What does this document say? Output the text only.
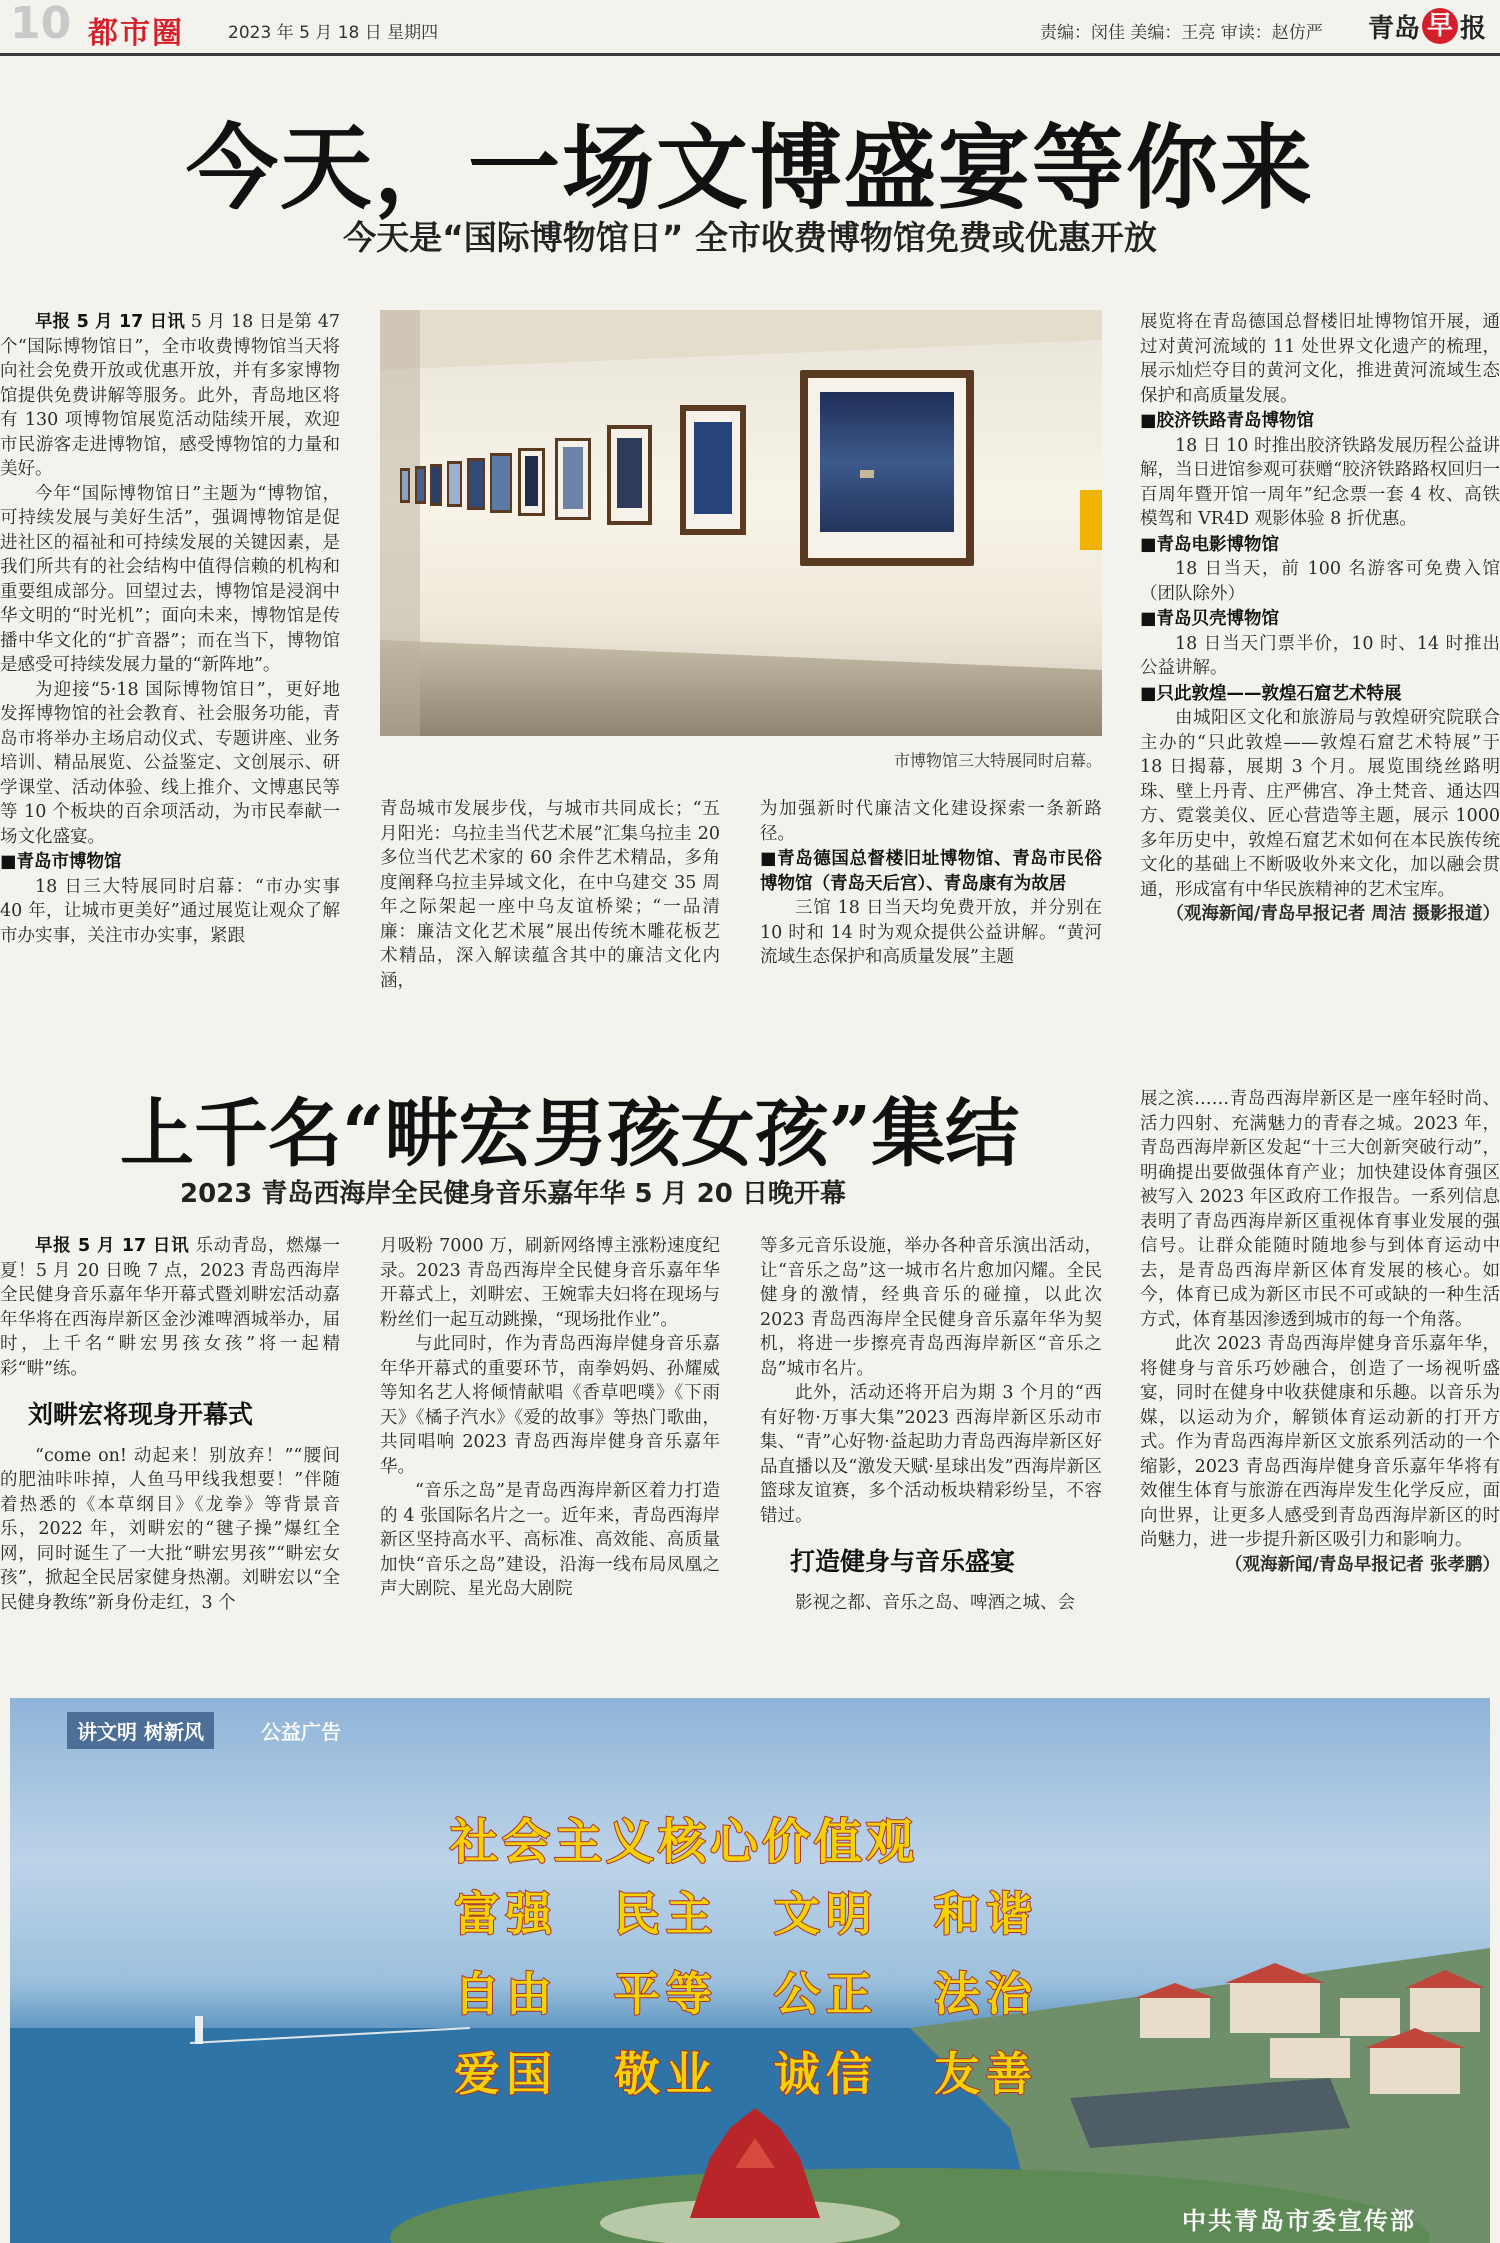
10 都市圈	2023 年 5 月 18 日 星期四	责编：闵佳 美编：王亮 审读：赵仿严 青岛 早 报
今天，一场文博盛宴等你来
今天是“国际博物馆日” 全市收费博物馆免费或优惠开放

早报 5 月 17 日讯 5 月 18 日是第 47 个“国际博物馆日”，全市收费博物馆当天将向社会免费开放或优惠开放，并有多家博物馆提供免费讲解等服务。此外，青岛地区将有 130 项博物馆展览活动陆续开展，欢迎市民游客走进博物馆，感受博物馆的力量和美好。

今年“国际博物馆日”主题为“博物馆，可持续发展与美好生活”，强调博物馆是促进社区的福祉和可持续发展的关键因素，是我们所共有的社会结构中值得信赖的机构和重要组成部分。回望过去，博物馆是浸润中华文明的“时光机”；面向未来，博物馆是传播中华文化的“扩音器”；而在当下，博物馆是感受可持续发展力量的“新阵地”。

为迎接“5·18 国际博物馆日”，更好地发挥博物馆的社会教育、社会服务功能，青岛市将举办主场启动仪式、专题讲座、业务培训、精品展览、公益鉴定、文创展示、研学课堂、活动体验、线上推介、文博惠民等等 10 个板块的百余项活动，为市民奉献一场文化盛宴。

■青岛市博物馆

18 日三大特展同时启幕：“市办实事 40 年，让城市更美好”通过展览让观众了解市办实事，关注市办实事，紧跟

市博物馆三大特展同时启幕。

青岛城市发展步伐，与城市共同成长；“五月阳光：乌拉圭当代艺术展”汇集乌拉圭 20 多位当代艺术家的 60 余件艺术精品，多角度阐释乌拉圭异域文化，在中乌建交 35 周年之际架起一座中乌友谊桥梁；“一品清廉：廉洁文化艺术展”展出传统木雕花板艺术精品，深入解读蕴含其中的廉洁文化内涵，

为加强新时代廉洁文化建设探索一条新路径。

■青岛德国总督楼旧址博物馆、青岛市民俗博物馆（青岛天后宫）、青岛康有为故居

三馆 18 日当天均免费开放，并分别在 10 时和 14 时为观众提供公益讲解。“黄河流域生态保护和高质量发展”主题

展览将在青岛德国总督楼旧址博物馆开展，通过对黄河流域的 11 处世界文化遗产的梳理，展示灿烂夺目的黄河文化，推进黄河流域生态保护和高质量发展。

■胶济铁路青岛博物馆

18 日 10 时推出胶济铁路发展历程公益讲解，当日进馆参观可获赠“胶济铁路路权回归一百周年暨开馆一周年”纪念票一套 4 枚、高铁模驾和 VR4D 观影体验 8 折优惠。

■青岛电影博物馆

18 日当天，前 100 名游客可免费入馆（团队除外）

■青岛贝壳博物馆

18 日当天门票半价，10 时、14 时推出公益讲解。

■只此敦煌——敦煌石窟艺术特展

由城阳区文化和旅游局与敦煌研究院联合主办的“只此敦煌——敦煌石窟艺术特展”于 18 日揭幕，展期 3 个月。展览围绕丝路明珠、壁上丹青、庄严佛宫、净土梵音、通达四方、霓裳美仪、匠心营造等主题，展示 1000 多年历史中，敦煌石窟艺术如何在本民族传统文化的基础上不断吸收外来文化，加以融会贯通，形成富有中华民族精神的艺术宝库。

（观海新闻/青岛早报记者 周洁 摄影报道）

上千名“畊宏男孩女孩”集结
2023 青岛西海岸全民健身音乐嘉年华 5 月 20 日晚开幕

早报 5 月 17 日讯 乐动青岛，燃爆一夏！5 月 20 日晚 7 点，2023 青岛西海岸全民健身音乐嘉年华开幕式暨刘畊宏活动嘉年华将在西海岸新区金沙滩啤酒城举办，届时，上千名“畊宏男孩女孩”将一起精彩“畊”练。

刘畊宏将现身开幕式

“come on! 动起来！别放弃！”“腰间的肥油咔咔掉，人鱼马甲线我想要！”伴随着热悉的《本草纲目》《龙拳》等背景音乐，2022 年，刘畊宏的“毽子操”爆红全网，同时诞生了一大批“畊宏男孩”“畊宏女孩”，掀起全民居家健身热潮。刘畊宏以“全民健身教练”新身份走红，3 个

月吸粉 7000 万，刷新网络博主涨粉速度纪录。2023 青岛西海岸全民健身音乐嘉年华开幕式上，刘畊宏、王婉霏夫妇将在现场与粉丝们一起互动跳操，“现场批作业”。

与此同时，作为青岛西海岸健身音乐嘉年华开幕式的重要环节，南拳妈妈、孙耀威等知名艺人将倾情献唱《香草吧噗》《下雨天》《橘子汽水》《爱的故事》等热门歌曲，共同唱响 2023 青岛西海岸健身音乐嘉年华。

“音乐之岛”是青岛西海岸新区着力打造的 4 张国际名片之一。近年来，青岛西海岸新区坚持高水平、高标准、高效能、高质量加快“音乐之岛”建设，沿海一线布局凤凰之声大剧院、星光岛大剧院

等多元音乐设施，举办各种音乐演出活动，让“音乐之岛”这一城市名片愈加闪耀。全民健身的激情，经典音乐的碰撞，以此次 2023 青岛西海岸全民健身音乐嘉年华为契机，将进一步擦亮青岛西海岸新区“音乐之岛”城市名片。

此外，活动还将开启为期 3 个月的“西有好物·万事大集”2023 西海岸新区乐动市集、“青”心好物·益起助力青岛西海岸新区好品直播以及“激发天赋·星球出发”西海岸新区篮球友谊赛，多个活动板块精彩纷呈，不容错过。

打造健身与音乐盛宴

影视之都、音乐之岛、啤酒之城、会

展之滨……青岛西海岸新区是一座年轻时尚、活力四射、充满魅力的青春之城。2023 年，青岛西海岸新区发起“十三大创新突破行动”，明确提出要做强体育产业；加快建设体育强区被写入 2023 年区政府工作报告。一系列信息表明了青岛西海岸新区重视体育事业发展的强信号。让群众能随时随地参与到体育运动中去，是青岛西海岸新区体育发展的核心。如今，体育已成为新区市民不可或缺的一种生活方式，体育基因渗透到城市的每一个角落。

此次 2023 青岛西海岸健身音乐嘉年华，将健身与音乐巧妙融合，创造了一场视听盛宴，同时在健身中收获健康和乐趣。以音乐为媒，以运动为介，解锁体育运动新的打开方式。作为青岛西海岸新区文旅系列活动的一个缩影，2023 青岛西海岸健身音乐嘉年华将有效催生体育与旅游在西海岸发生化学反应，面向世界，让更多人感受到青岛西海岸新区的时尚魅力，进一步提升新区吸引力和影响力。

（观海新闻/青岛早报记者 张孝鹏）

讲文明 树新风	公益广告
社会主义核心价值观
富强	民主	文明	和谐
自由	平等	公正	法治
爱国	敬业	诚信	友善
中共青岛市委宣传部
